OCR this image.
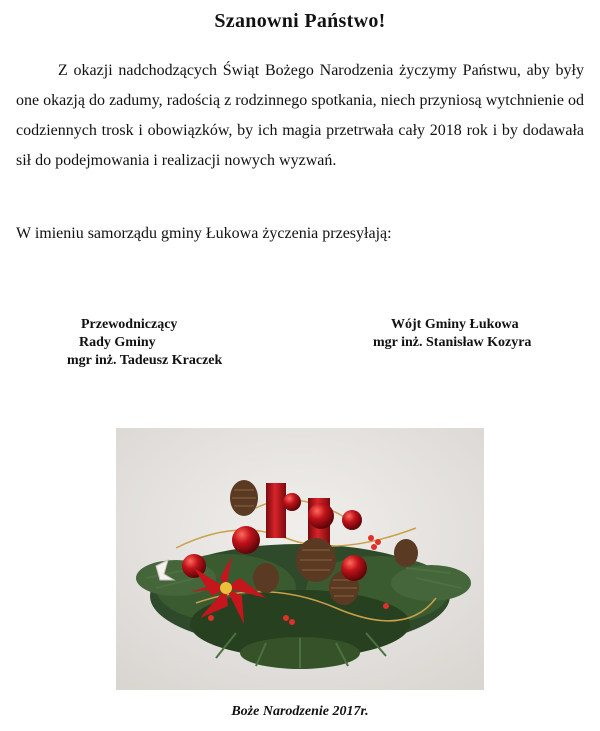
Szanowni Państwo!

Z okazji nadchodzących Świąt Bożego Narodzenia życzymy Państwu, aby były one okazją do zadumy, radością z rodzinnego spotkania, niech przyniosą wytchnienie od codziennych trosk i obowiązków, by ich magia przetrwała cały 2018 rok i by dodawała sił do podejmowania i realizacji nowych wyzwań.

W imieniu samorządu gminy Łukowa życzenia przesyłają:

Przewodniczący
Rady Gminy
mgr inż. Tadeusz Kraczek
Wójt Gminy Łukowa
mgr inż. Stanisław Kozyra
Boże Narodzenie 2017r.
